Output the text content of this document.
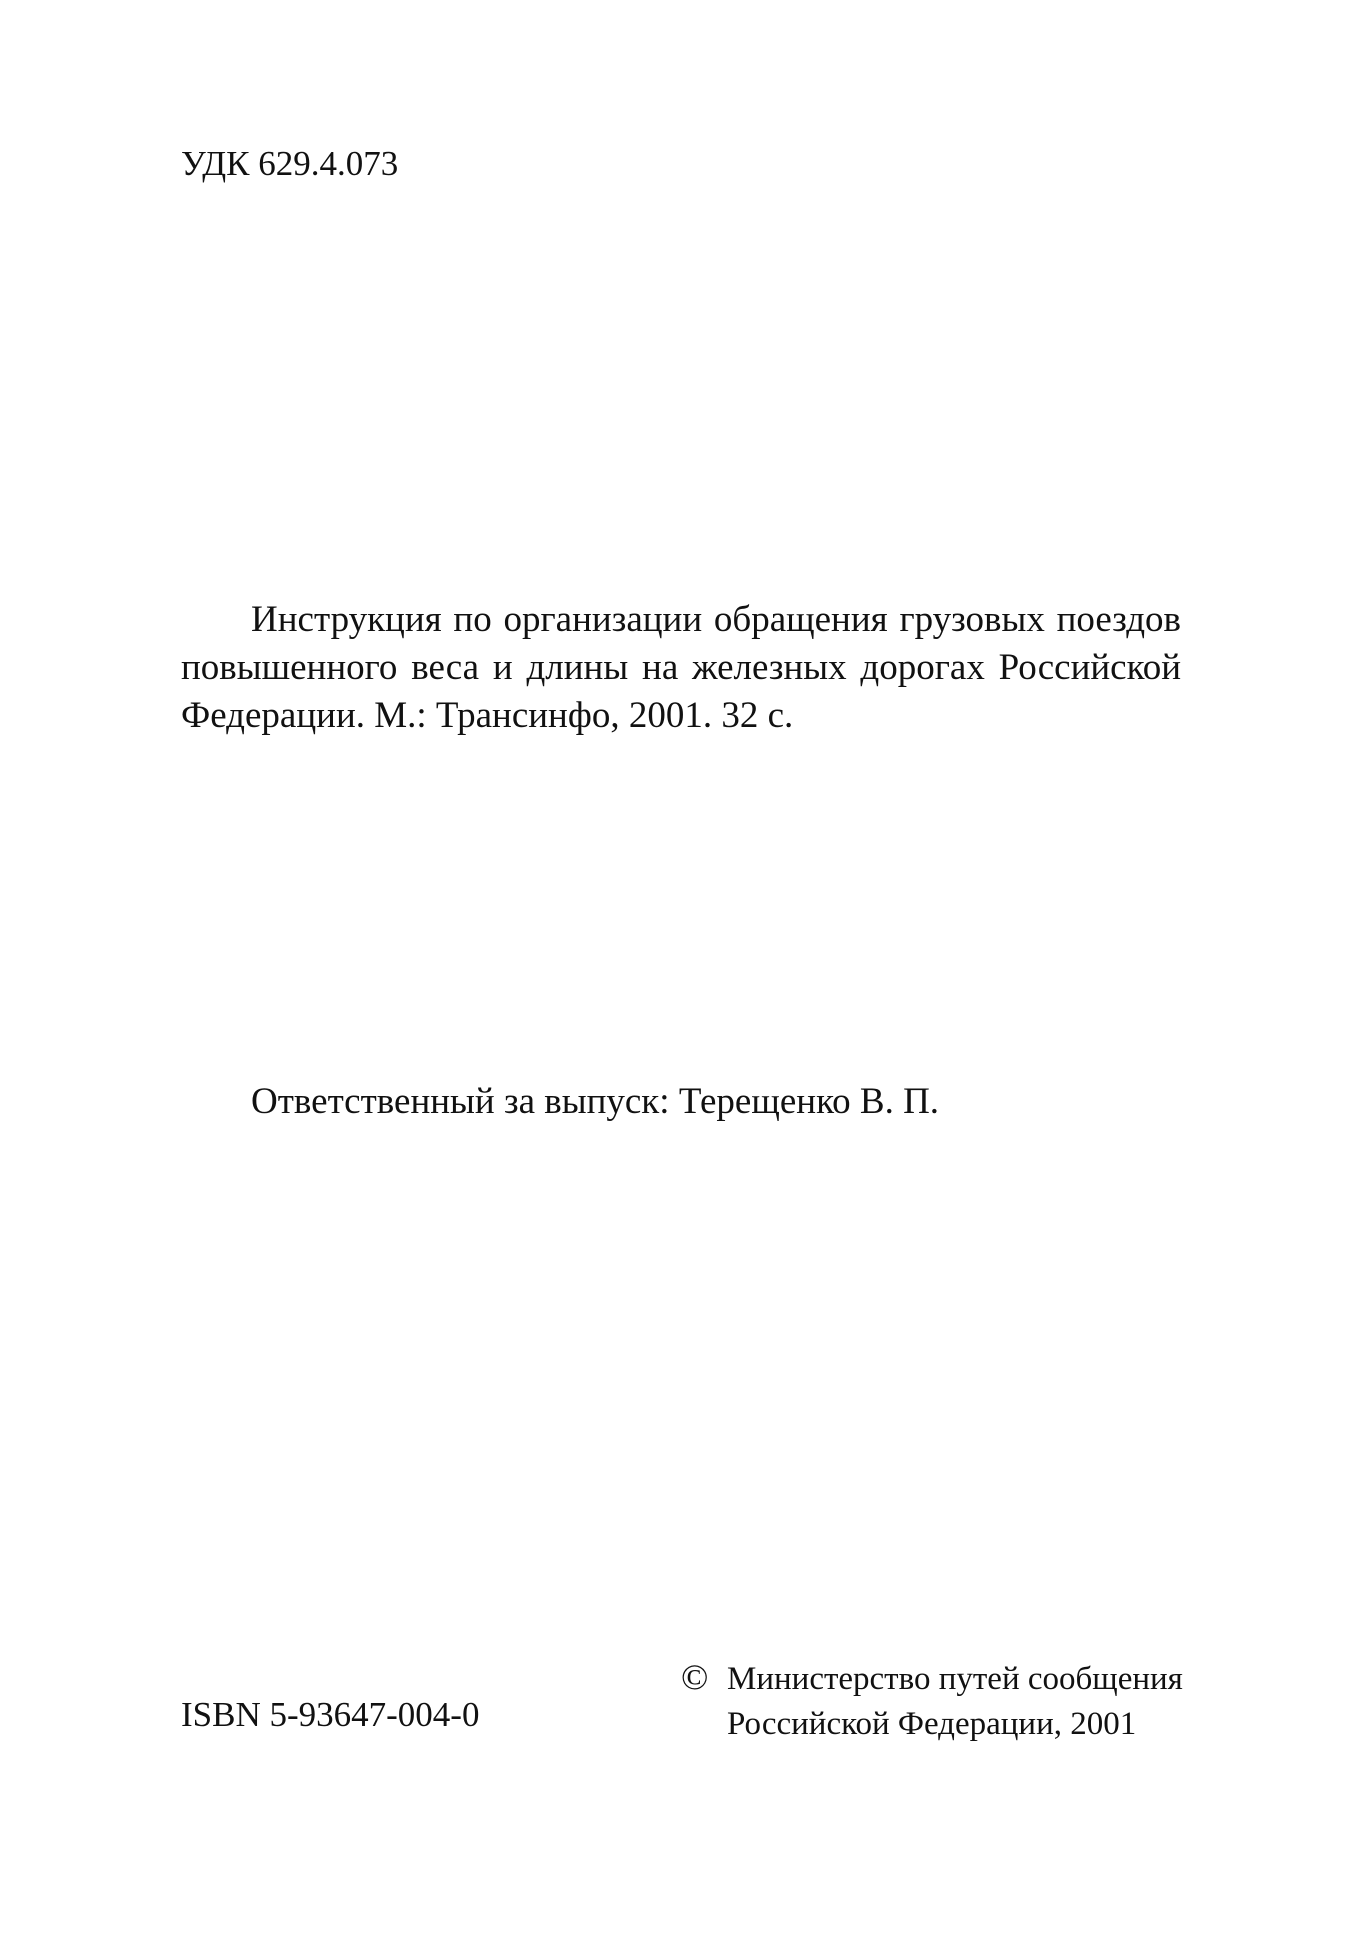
УДК 629.4.073
Инструкция по организации обращения грузовых поездов
повышенного веса и длины на железных дорогах Российской
Федерации. М.: Трансинфо, 2001. 32 с.
Ответственный за выпуск: Терещенко В. П.
ISBN 5-93647-004-0
© Министерство путей сообщения
Российской Федерации, 2001
